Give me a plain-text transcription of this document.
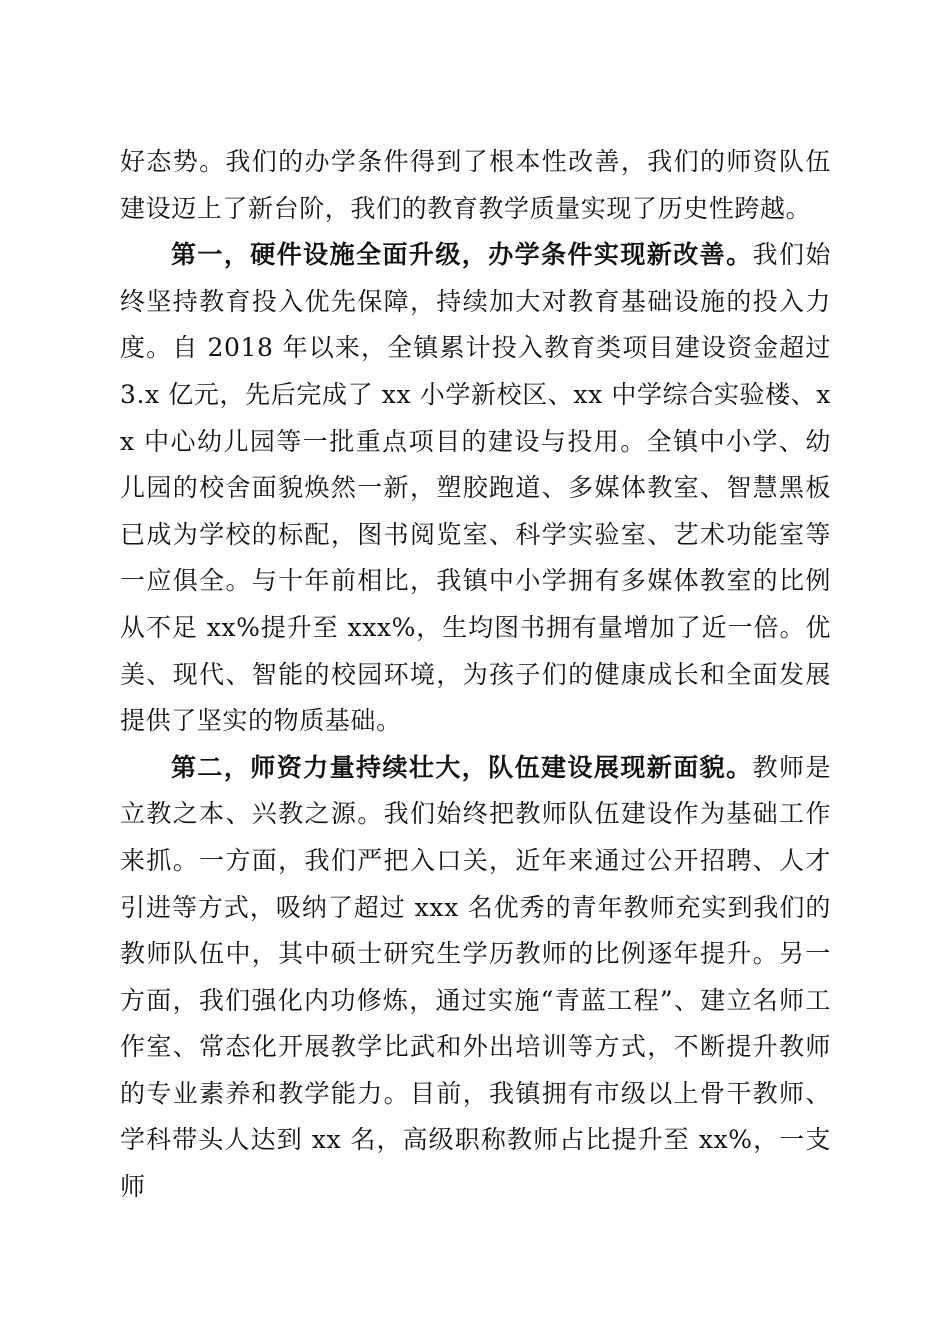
好态势。我们的办学条件得到了根本性改善，我们的师资队伍建设迈上了新台阶，我们的教育教学质量实现了历史性跨越。

第一，硬件设施全面升级，办学条件实现新改善。我们始终坚持教育投入优先保障，持续加大对教育基础设施的投入力度。自 2018 年以来，全镇累计投入教育类项目建设资金超过 3.x 亿元，先后完成了 xx 小学新校区、xx 中学综合实验楼、xx 中心幼儿园等一批重点项目的建设与投用。全镇中小学、幼儿园的校舍面貌焕然一新，塑胶跑道、多媒体教室、智慧黑板已成为学校的标配，图书阅览室、科学实验室、艺术功能室等一应俱全。与十年前相比，我镇中小学拥有多媒体教室的比例从不足 xx%提升至 xxx%，生均图书拥有量增加了近一倍。优美、现代、智能的校园环境，为孩子们的健康成长和全面发展提供了坚实的物质基础。

第二，师资力量持续壮大，队伍建设展现新面貌。教师是立教之本、兴教之源。我们始终把教师队伍建设作为基础工作来抓。一方面，我们严把入口关，近年来通过公开招聘、人才引进等方式，吸纳了超过 xxx 名优秀的青年教师充实到我们的教师队伍中，其中硕士研究生学历教师的比例逐年提升。另一方面，我们强化内功修炼，通过实施“青蓝工程”、建立名师工作室、常态化开展教学比武和外出培训等方式，不断提升教师的专业素养和教学能力。目前，我镇拥有市级以上骨干教师、学科带头人达到 xx 名，高级职称教师占比提升至 xx%，一支师
